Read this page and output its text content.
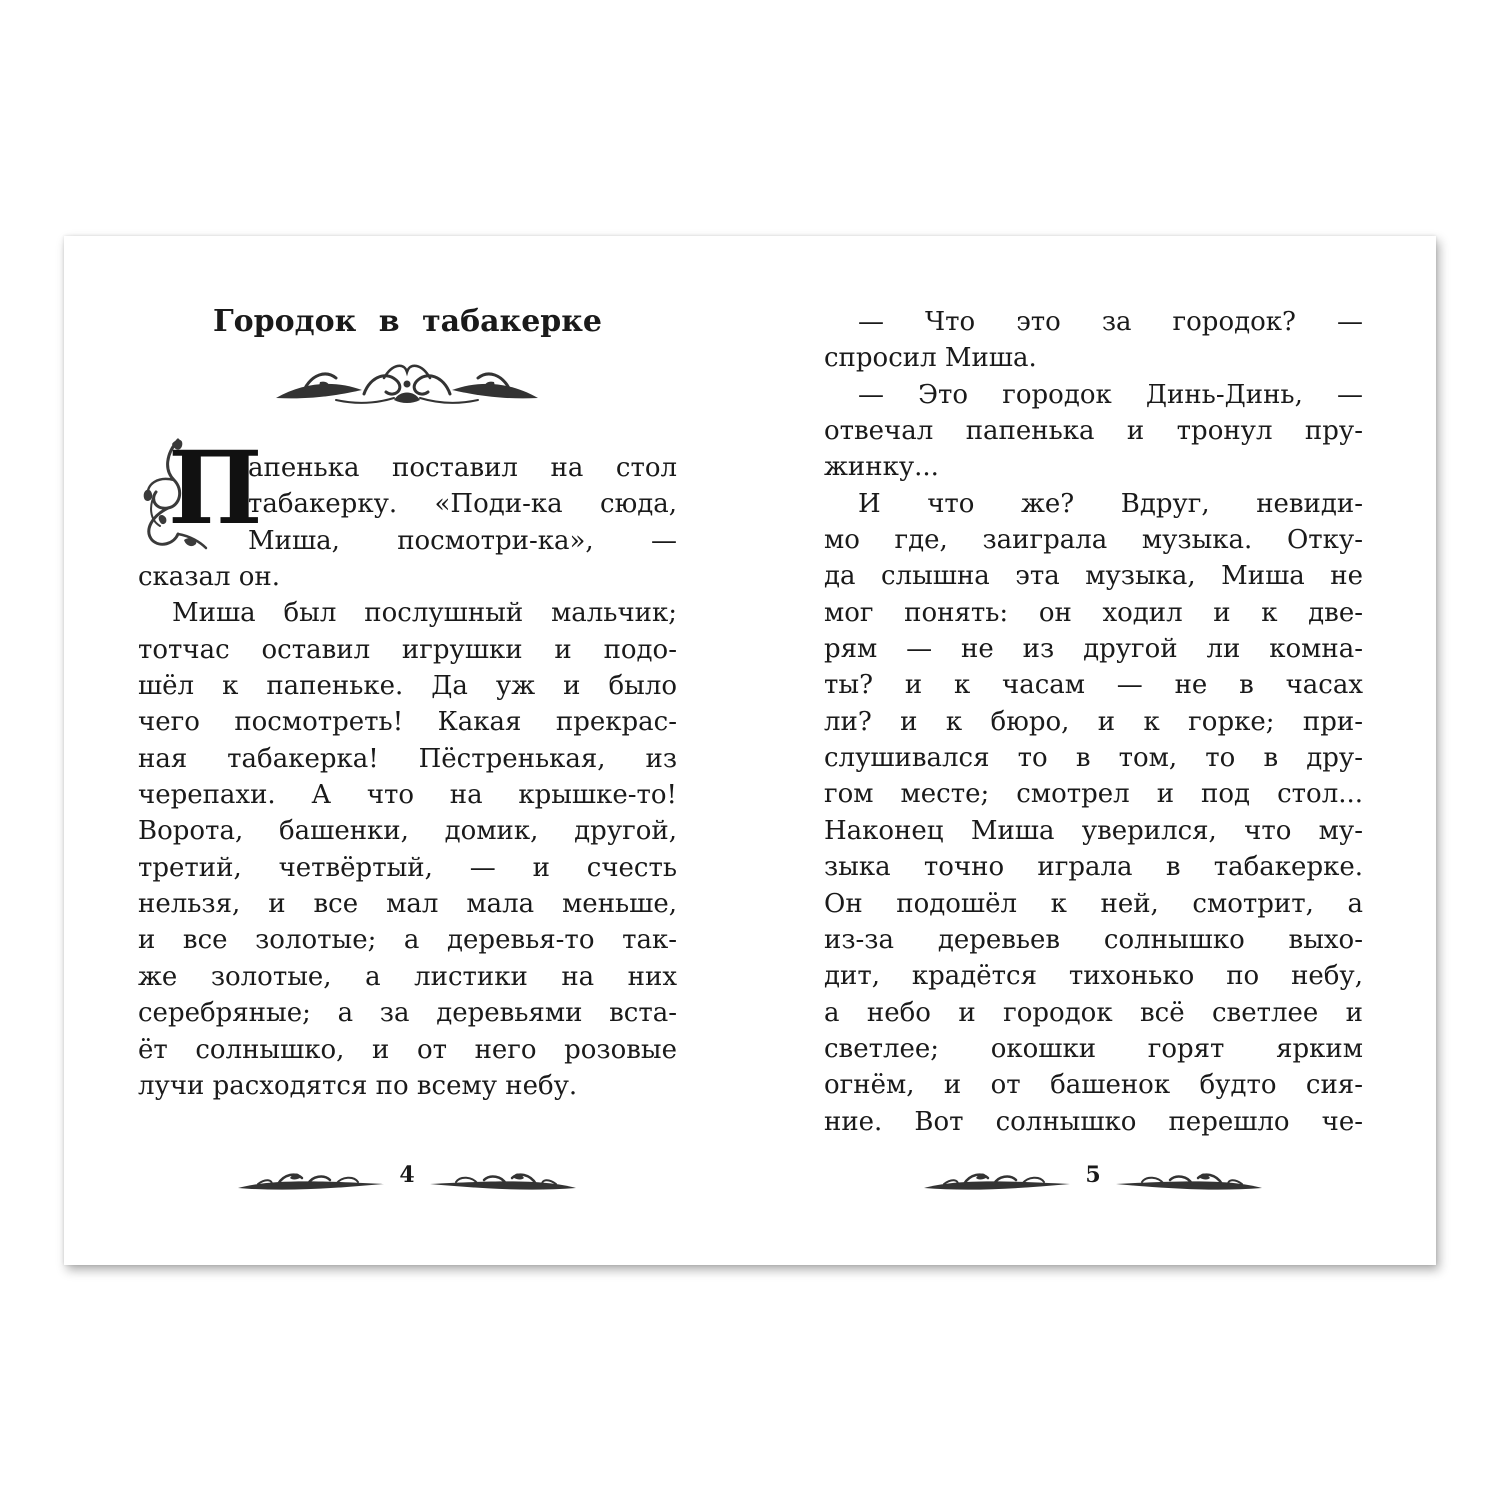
Городок в табакерке
П
апенька поставил на стол
табакерку. «Поди-ка сюда,
Миша, посмотри-ка», —
сказал он.
Миша был послушный мальчик;
тотчас оставил игрушки и подо-
шёл к папеньке. Да уж и было
чего посмотреть! Какая прекрас-
ная табакерка! Пёстренькая, из
черепахи. А что на крышке-то!
Ворота, башенки, домик, другой,
третий, четвёртый, — и счесть
нельзя, и все мал мала меньше,
и все золотые; а деревья-то так-
же золотые, а листики на них
серебряные; а за деревьями вста-
ёт солнышко, и от него розовые
лучи расходятся по всему небу.
4
— Что это за городок? —
спросил Миша.
— Это городок Динь-Динь, —
отвечал папенька и тронул пру-
жинку...
И что же? Вдруг, невиди-
мо где, заиграла музыка. Отку-
да слышна эта музыка, Миша не
мог понять: он ходил и к две-
рям — не из другой ли комна-
ты? и к часам — не в часах
ли? и к бюро, и к горке; при-
слушивался то в том, то в дру-
гом месте; смотрел и под стол...
Наконец Миша уверился, что му-
зыка точно играла в табакерке.
Он подошёл к ней, смотрит, а
из-за деревьев солнышко выхо-
дит, крадётся тихонько по небу,
а небо и городок всё светлее и
светлее; окошки горят ярким
огнём, и от башенок будто сия-
ние. Вот солнышко перешло че-
5
